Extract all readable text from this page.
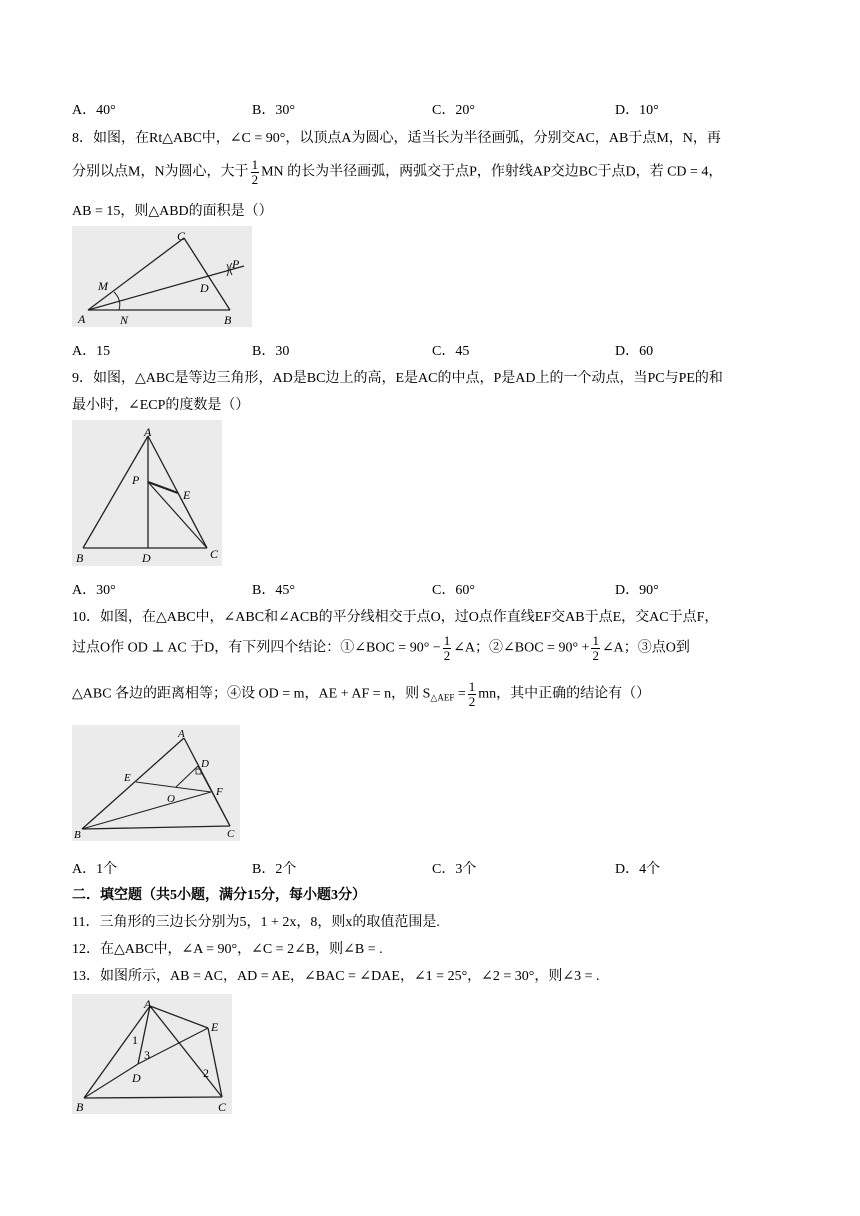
A．40°	B．30°	C．20°	D．10°
8．如图，在Rt△ABC中，∠C = 90°，以顶点A为圆心，适当长为半径画弧，分别交AC，AB于点M，N，再
分别以点M，N为圆心，大于 $\frac{1}{2}$ MN 的长为半径画弧，两弧交于点P，作射线AP交边BC于点D，若 CD = 4，
AB = 15，则△ABD的面积是（）
C
M
P
D
A	N	B
A．15	B．30	C．45	D．60
9．如图，△ABC是等边三角形，AD是BC边上的高，E是AC的中点，P是AD上的一个动点，当PC与PE的和
最小时，∠ECP的度数是（）
A
P
E
B	D	C
A．30°	B．45°	C．60°	D．90°
10．如图，在△ABC中，∠ABC和∠ACB的平分线相交于点O，过O点作直线EF交AB于点E，交AC于点F，
过点O作 OD ⊥ AC 于D，有下列四个结论：①∠BOC = $90^\circ - \frac{1}{2}$ ∠A；②∠BOC = $90^\circ + \frac{1}{2}$ ∠A；③点O到
△ABC 各边的距离相等；④设 OD = m，AE + AF = n，则 $S_{\triangle AEF} = \frac{1}{2}$ mn，其中正确的结论有（）
A
D
E
F
O
B	C
A．1个	B．2个	C．3个	D．4个
二．填空题（共5小题，满分15分，每小题3分）
11．三角形的三边长分别为5，1 + 2x，8，则x的取值范围是.
12．在△ABC中，∠A = 90°，∠C = 2∠B，则∠B = .
13．如图所示，AB = AC，AD = AE，∠BAC = ∠DAE，∠1 = 25°，∠2 = 30°，则∠3 = .
A
E
1
3
D	2
B	C
